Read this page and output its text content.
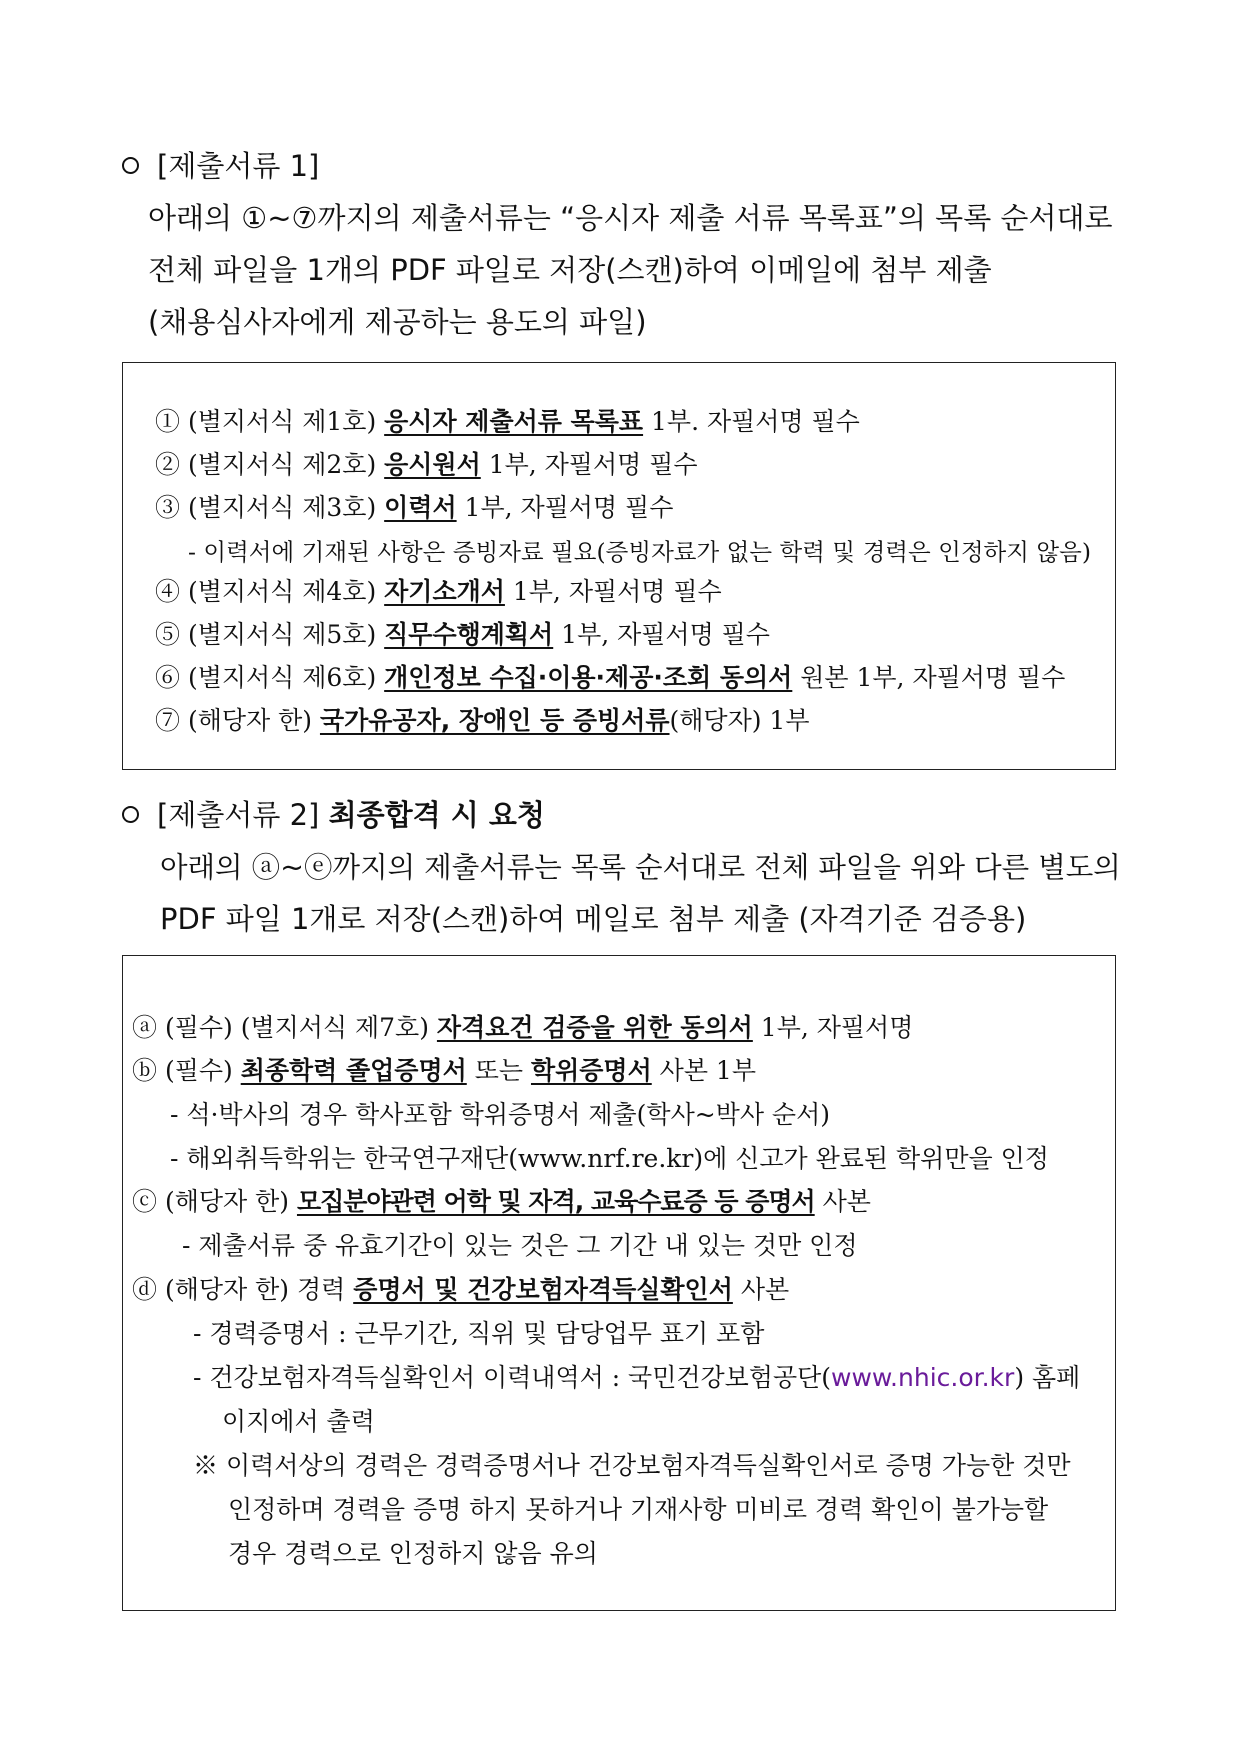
[제출서류 1]
아래의 ①~⑦까지의 제출서류는 “응시자 제출 서류 목록표”의 목록 순서대로
전체 파일을 1개의 PDF 파일로 저장(스캔)하여 이메일에 첨부 제출
(채용심사자에게 제공하는 용도의 파일)
① (별지서식 제1호) 응시자 제출서류 목록표 1부. 자필서명 필수
② (별지서식 제2호) 응시원서 1부, 자필서명 필수
③ (별지서식 제3호) 이력서 1부, 자필서명 필수
- 이력서에 기재된 사항은 증빙자료 필요(증빙자료가 없는 학력 및 경력은 인정하지 않음)
④ (별지서식 제4호) 자기소개서 1부, 자필서명 필수
⑤ (별지서식 제5호) 직무수행계획서 1부, 자필서명 필수
⑥ (별지서식 제6호) 개인정보 수집·이용·제공·조회 동의서 원본 1부, 자필서명 필수
⑦ (해당자 한) 국가유공자, 장애인 등 증빙서류(해당자) 1부
[제출서류 2] 최종합격 시 요청
아래의 ⓐ~ⓔ까지의 제출서류는 목록 순서대로 전체 파일을 위와 다른 별도의
PDF 파일 1개로 저장(스캔)하여 메일로 첨부 제출 (자격기준 검증용)
ⓐ (필수) (별지서식 제7호) 자격요건 검증을 위한 동의서 1부, 자필서명
ⓑ (필수) 최종학력 졸업증명서 또는 학위증명서 사본 1부
- 석·박사의 경우 학사포함 학위증명서 제출(학사~박사 순서)
- 해외취득학위는 한국연구재단(www.nrf.re.kr)에 신고가 완료된 학위만을 인정
ⓒ (해당자 한) 모집분야관련 어학 및 자격, 교육수료증 등 증명서 사본
- 제출서류 중 유효기간이 있는 것은 그 기간 내 있는 것만 인정
ⓓ (해당자 한) 경력 증명서 및 건강보험자격득실확인서 사본
- 경력증명서 : 근무기간, 직위 및 담당업무 표기 포함
- 건강보험자격득실확인서 이력내역서 : 국민건강보험공단(www.nhic.or.kr) 홈페
이지에서 출력
※ 이력서상의 경력은 경력증명서나 건강보험자격득실확인서로 증명 가능한 것만
인정하며 경력을 증명 하지 못하거나 기재사항 미비로 경력 확인이 불가능할
경우 경력으로 인정하지 않음 유의
